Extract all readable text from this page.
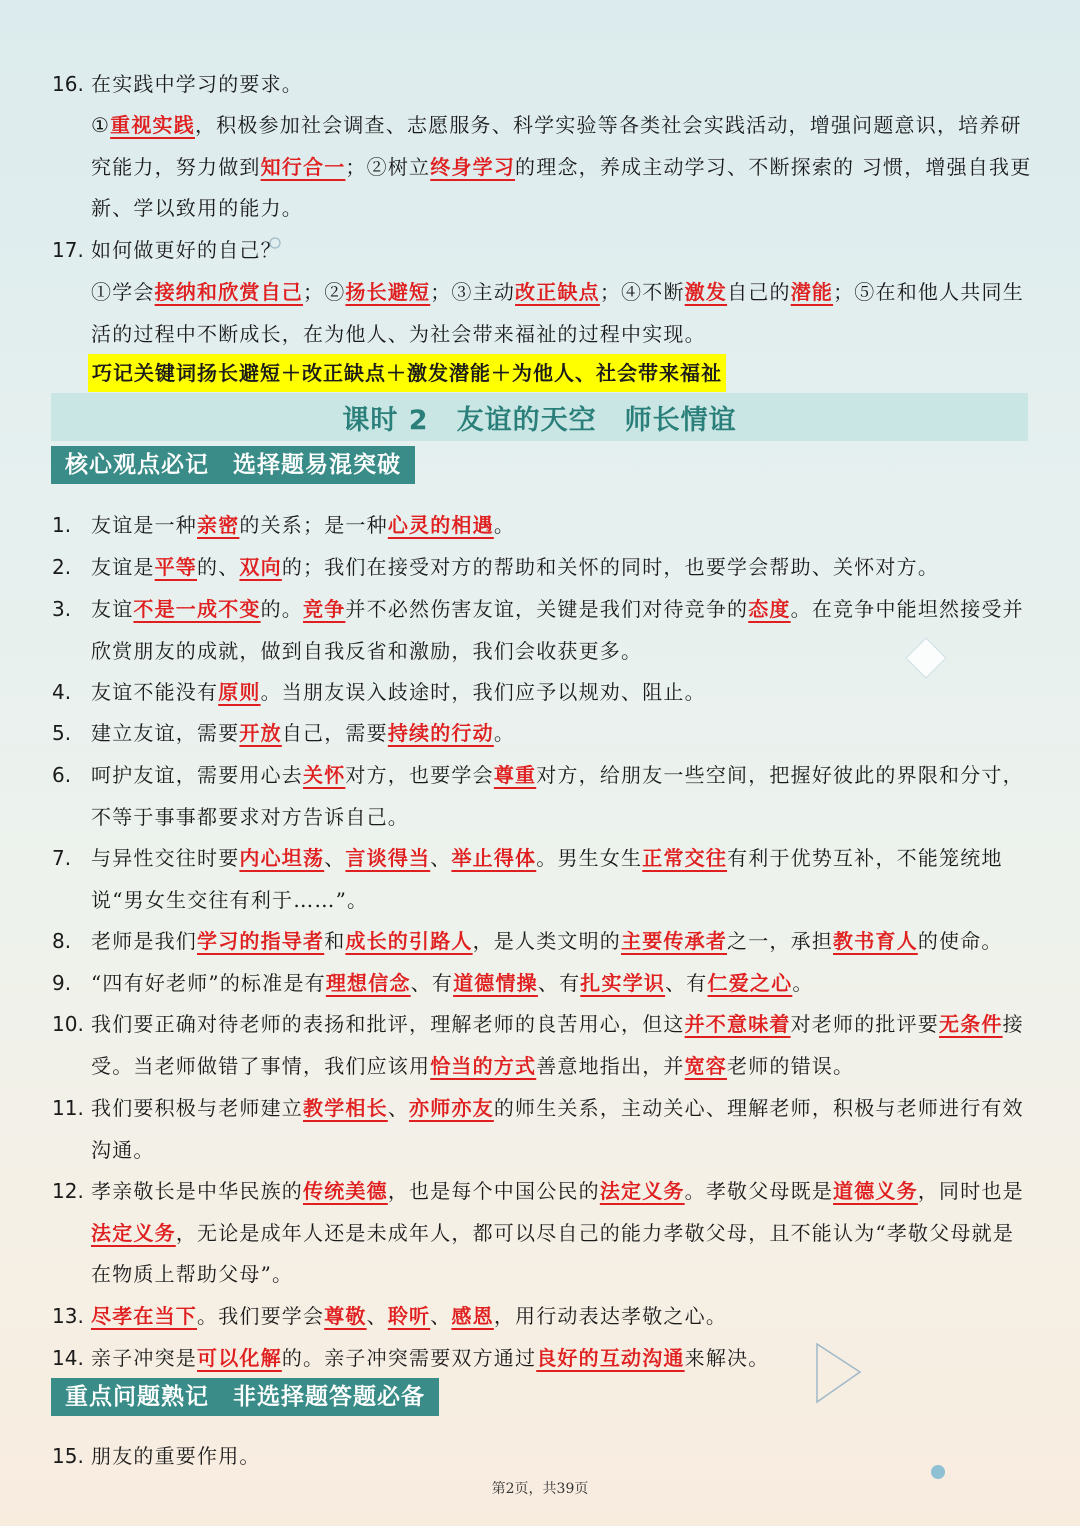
16. 在实践中学习的要求。
①重视实践，积极参加社会调查、志愿服务、科学实验等各类社会实践活动，增强问题意识，培养研究能力，努力做到知行合一；②树立终身学习的理念，养成主动学习、不断探索的 习惯，增强自我更新、学以致用的能力。
17. 如何做更好的自己？
①学会接纳和欣赏自己；②扬长避短；③主动改正缺点；④不断激发自己的潜能；⑤在和他人共同生活的过程中不断成长，在为他人、为社会带来福祉的过程中实现。
巧记关键词扬长避短＋改正缺点＋激发潜能＋为他人、社会带来福祉
课时 2　友谊的天空　师长情谊
核心观点必记　选择题易混突破
1. 友谊是一种亲密的关系；是一种心灵的相遇。
2. 友谊是平等的、双向的；我们在接受对方的帮助和关怀的同时，也要学会帮助、关怀对方。
3. 友谊不是一成不变的。竞争并不必然伤害友谊，关键是我们对待竞争的态度。在竞争中能坦然接受并欣赏朋友的成就，做到自我反省和激励，我们会收获更多。
4. 友谊不能没有原则。当朋友误入歧途时，我们应予以规劝、阻止。
5. 建立友谊，需要开放自己，需要持续的行动。
6. 呵护友谊，需要用心去关怀对方，也要学会尊重对方，给朋友一些空间，把握好彼此的界限和分寸，不等于事事都要求对方告诉自己。
7. 与异性交往时要内心坦荡、言谈得当、举止得体。男生女生正常交往有利于优势互补，不能笼统地说“男女生交往有利于……”。
8. 老师是我们学习的指导者和成长的引路人，是人类文明的主要传承者之一，承担教书育人的使命。
9. “四有好老师”的标准是有理想信念、有道德情操、有扎实学识、有仁爱之心。
10. 我们要正确对待老师的表扬和批评，理解老师的良苦用心，但这并不意味着对老师的批评要无条件接受。当老师做错了事情，我们应该用恰当的方式善意地指出，并宽容老师的错误。
11. 我们要积极与老师建立教学相长、亦师亦友的师生关系，主动关心、理解老师，积极与老师进行有效沟通。
12. 孝亲敬长是中华民族的传统美德，也是每个中国公民的法定义务。孝敬父母既是道德义务，同时也是法定义务，无论是成年人还是未成年人，都可以尽自己的能力孝敬父母，且不能认为“孝敬父母就是在物质上帮助父母”。
13. 尽孝在当下。我们要学会尊敬、聆听、感恩，用行动表达孝敬之心。
14. 亲子冲突是可以化解的。亲子冲突需要双方通过良好的互动沟通来解决。
重点问题熟记　非选择题答题必备
15. 朋友的重要作用。
第2页，共39页
